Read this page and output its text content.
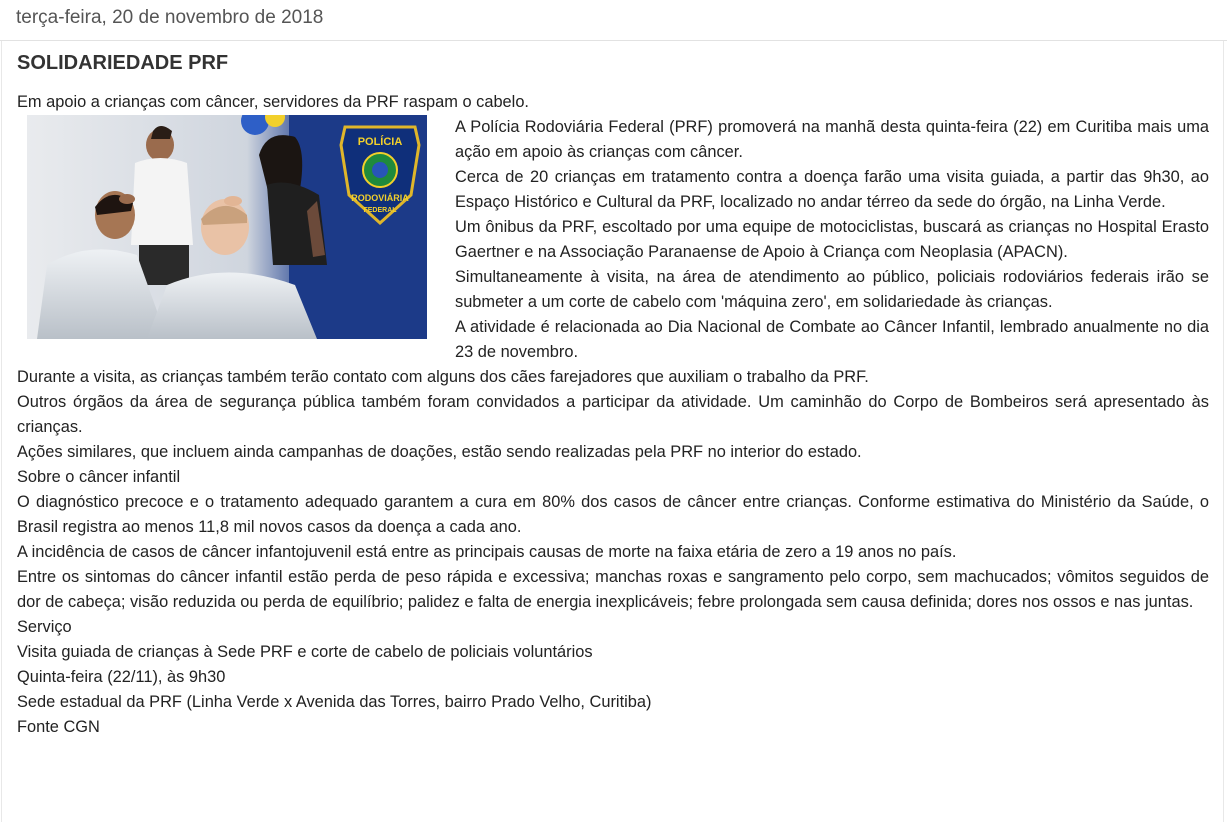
terça-feira, 20 de novembro de 2018
SOLIDARIEDADE PRF

Em apoio a crianças com câncer, servidores da PRF raspam o cabelo.

POLÍCIA
RODOVIÁRIA
FEDERAL

A Polícia Rodoviária Federal (PRF) promoverá na manhã desta quinta-feira (22) em Curitiba mais uma ação em apoio às crianças com câncer.

Cerca de 20 crianças em tratamento contra a doença farão uma visita guiada, a partir das 9h30, ao Espaço Histórico e Cultural da PRF, localizado no andar térreo da sede do órgão, na Linha Verde.

Um ônibus da PRF, escoltado por uma equipe de motociclistas, buscará as crianças no Hospital Erasto Gaertner e na Associação Paranaense de Apoio à Criança com Neoplasia (APACN).

Simultaneamente à visita, na área de atendimento ao público, policiais rodoviários federais irão se submeter a um corte de cabelo com 'máquina zero', em solidariedade às crianças.

A atividade é relacionada ao Dia Nacional de Combate ao Câncer Infantil, lembrado anualmente no dia 23 de novembro.

Durante a visita, as crianças também terão contato com alguns dos cães farejadores que auxiliam o trabalho da PRF.

Outros órgãos da área de segurança pública também foram convidados a participar da atividade. Um caminhão do Corpo de Bombeiros será apresentado às crianças.

Ações similares, que incluem ainda campanhas de doações, estão sendo realizadas pela PRF no interior do estado.

Sobre o câncer infantil

O diagnóstico precoce e o tratamento adequado garantem a cura em 80% dos casos de câncer entre crianças. Conforme estimativa do Ministério da Saúde, o Brasil registra ao menos 11,8 mil novos casos da doença a cada ano.

A incidência de casos de câncer infantojuvenil está entre as principais causas de morte na faixa etária de zero a 19 anos no país.

Entre os sintomas do câncer infantil estão perda de peso rápida e excessiva; manchas roxas e sangramento pelo corpo, sem machucados; vômitos seguidos de dor de cabeça; visão reduzida ou perda de equilíbrio; palidez e falta de energia inexplicáveis; febre prolongada sem causa definida; dores nos ossos e nas juntas.

Serviço

Visita guiada de crianças à Sede PRF e corte de cabelo de policiais voluntários

Quinta-feira (22/11), às 9h30

Sede estadual da PRF (Linha Verde x Avenida das Torres, bairro Prado Velho, Curitiba)

Fonte CGN
